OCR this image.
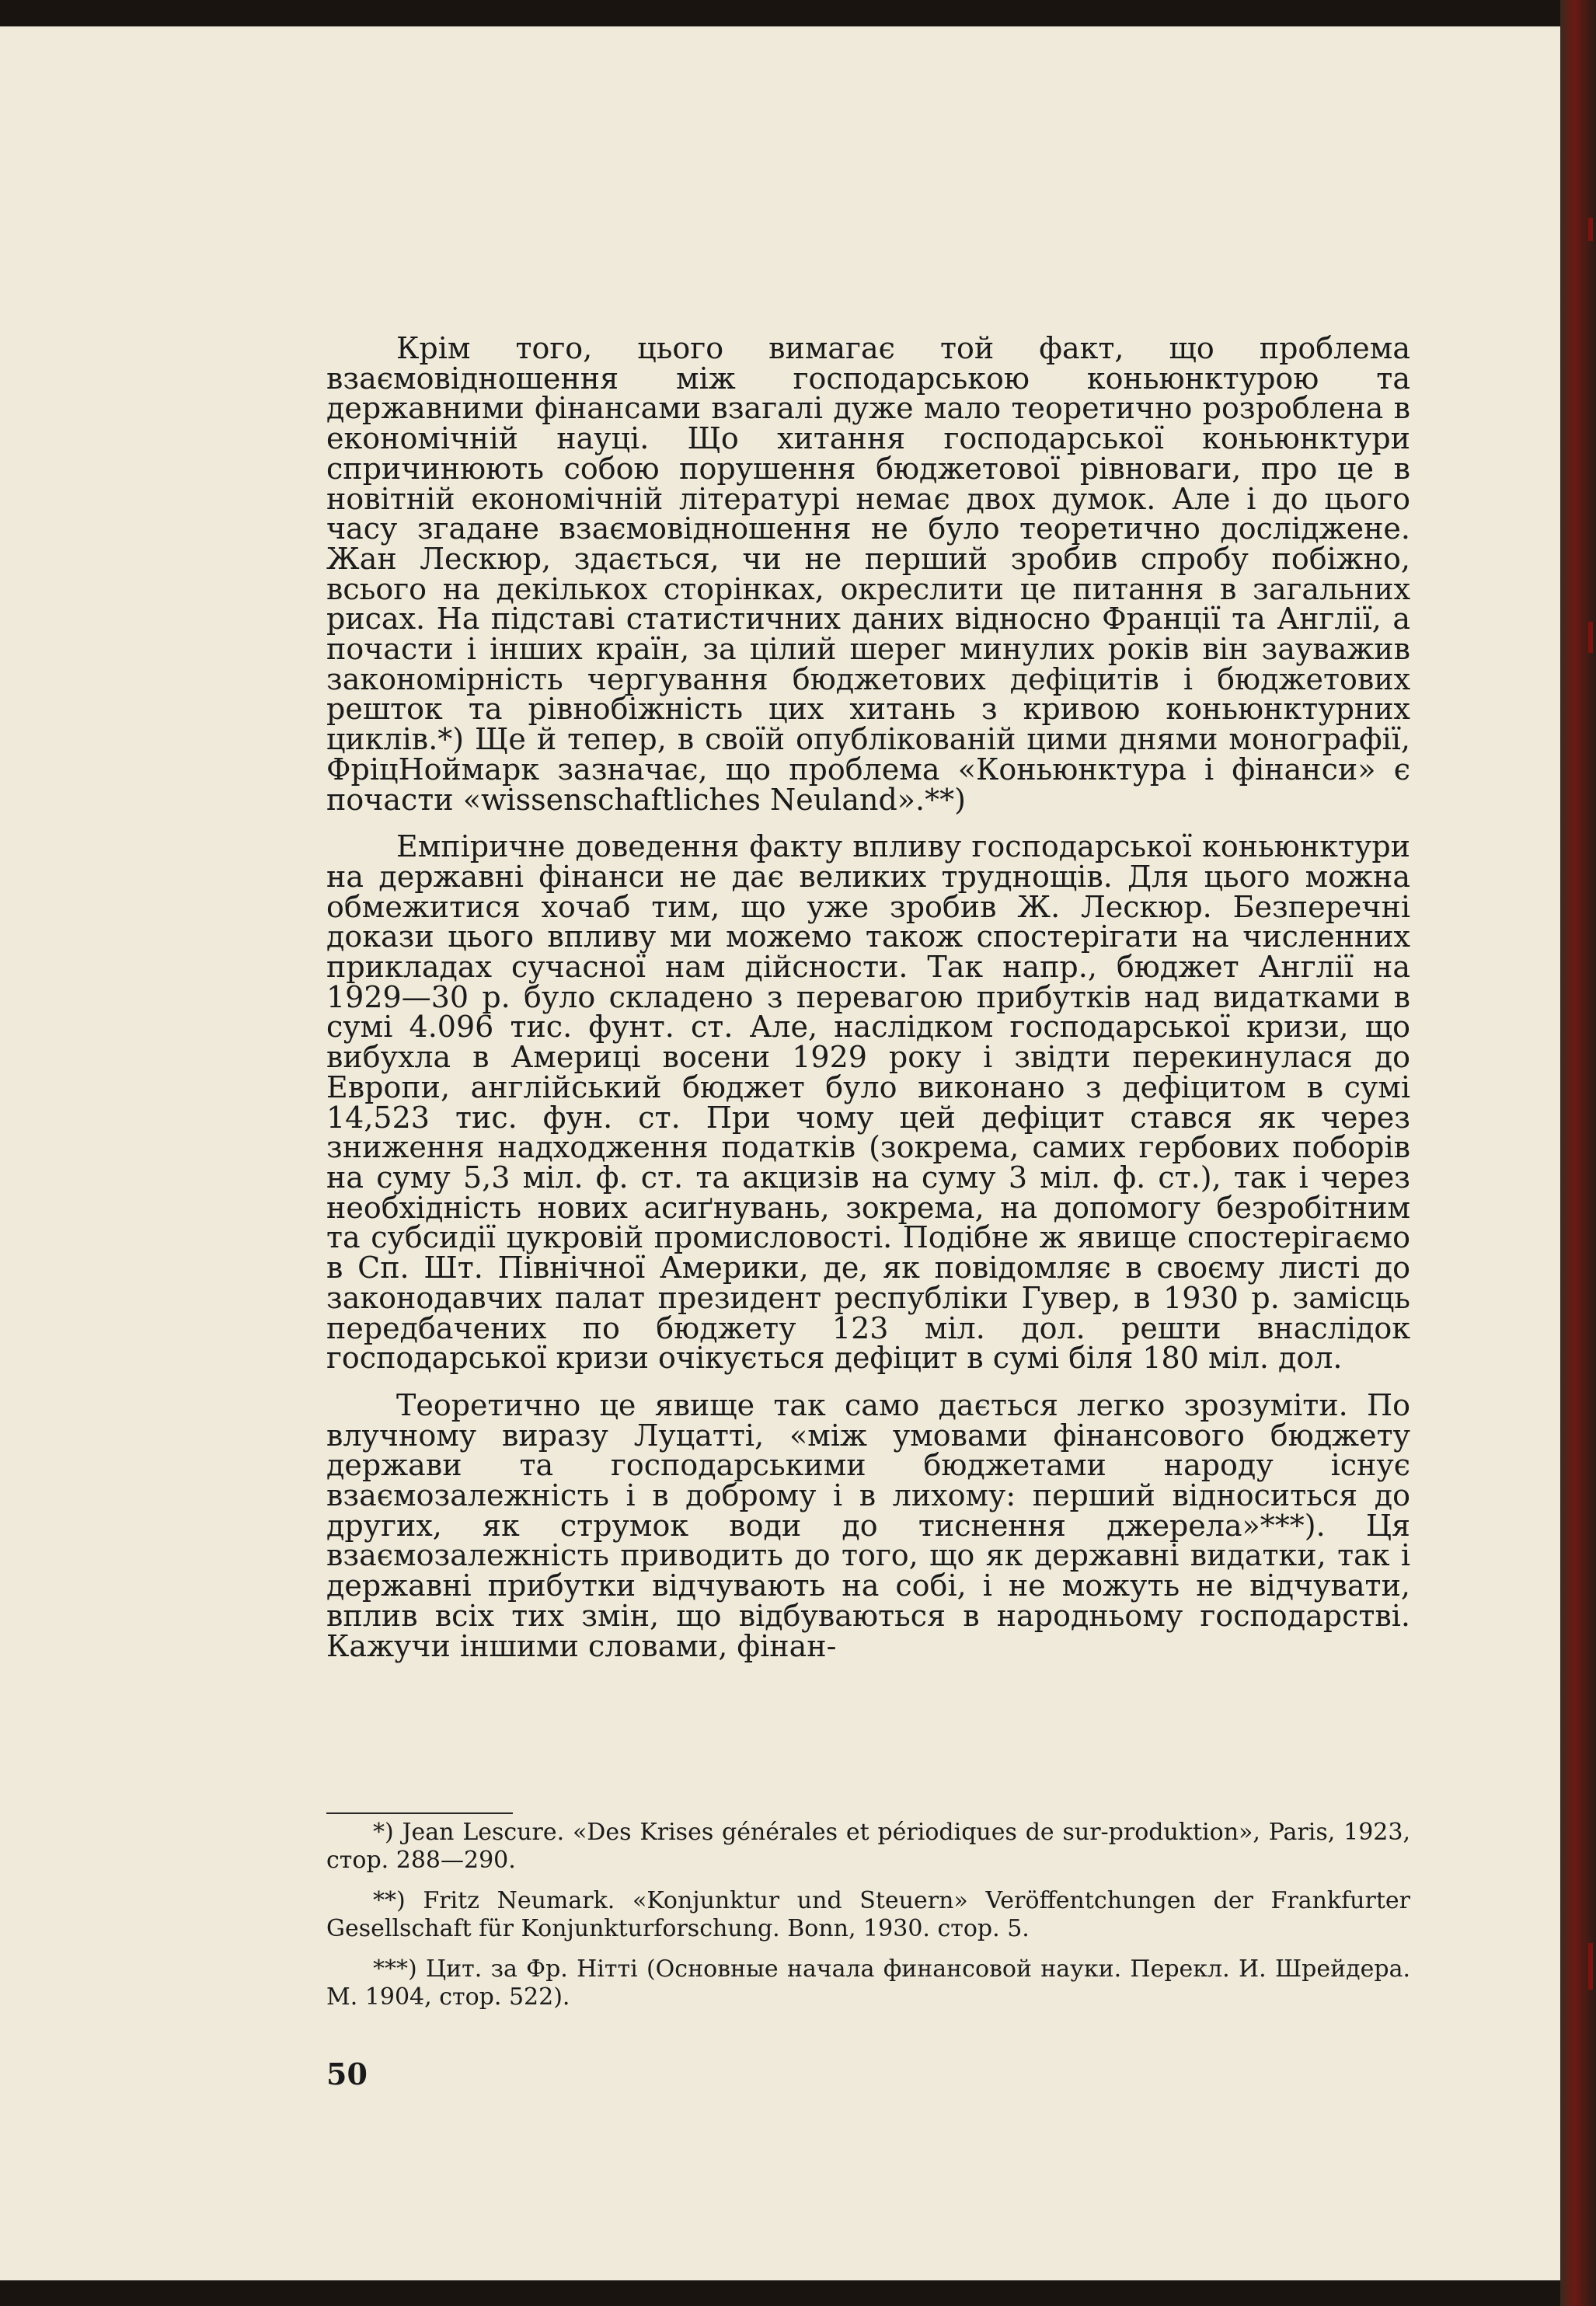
Крім того, цього вимагає той факт, що проблема взаємовідношення між господарською коньюнктурою та державними фінансами взагалі дуже мало теоретично розроблена в економічній науці. Що хитання господарської коньюнктури спричинюють собою порушення бюджетової рівноваги, про це в новітній економічній літературі немає двох думок. Але і до цього часу згадане взаємовідношення не було теоретично досліджене. Жан Лескюр, здається, чи не перший зробив спробу побіжно, всього на декількох сторінках, окреслити це питання в загальних рисах. На підставі статистичних даних відносно Франції та Англії, а почасти і інших країн, за цілий шерег минулих років він зауважив закономірність чергування бюджетових дефіцитів і бюджетових решток та рівнобіжність цих хитань з кривою коньюнктурних циклів.*) Ще й тепер, в своїй опублікованій цими днями монографії, ФріцНоймарк зазначає, що проблема «Коньюнктура і фінанси» є почасти «wissenschaftliches Neuland».**)

Емпіричне доведення факту впливу господарської коньюнктури на державні фінанси не дає великих труднощів. Для цього можна обмежитися хочаб тим, що уже зробив Ж. Лескюр. Безперечні докази цього впливу ми можемо також спостерігати на численних прикладах сучасної нам дійсности. Так напр., бюджет Англії на 1929—30 р. було складено з перевагою прибутків над видатками в сумі 4.096 тис. фунт. ст. Але, наслідком господарської кризи, що вибухла в Америці восени 1929 року і звідти перекинулася до Европи, англійський бюджет було виконано з дефіцитом в сумі 14,523 тис. фун. ст. При чому цей дефіцит стався як через зниження надходження податків (зокрема, самих гербових поборів на суму 5,3 міл. ф. ст. та акцизів на суму 3 міл. ф. ст.), так і через необхідність нових асиґнувань, зокрема, на допомогу безробітним та субсидії цукровій промисловості. Подібне ж явище спостерігаємо в Сп. Шт. Північної Америки, де, як повідомляє в своєму листі до законодавчих палат президент республіки Гувер, в 1930 р. замісць передбачених по бюджету 123 міл. дол. решти внаслідок господарської кризи очікується дефіцит в сумі біля 180 міл. дол.

Теоретично це явище так само дається легко зрозуміти. По влучному виразу Луцатті, «між умовами фінансового бюджету держави та господарськими бюджетами народу існує взаємозалежність і в доброму і в лихому: перший відноситься до других, як струмок води до тиснення джерела»***). Ця взаємозалежність приводить до того, що як державні видатки, так і державні прибутки відчувають на собі, і не можуть не відчувати, вплив всіх тих змін, що відбуваються в народньому господарстві. Кажучи іншими словами, фінан-

*) Jean Lescure. «Des Krises générales et périodiques de sur-produktion», Paris, 1923, стор. 288—290.

**) Fritz Neumark. «Konjunktur und Steuern» Veröffentchungen der Frankfurter Gesellschaft für Konjunkturforschung. Bonn, 1930. стор. 5.

***) Цит. за Фр. Нітті (Основные начала финансовой науки. Перекл. И. Шрейдера. М. 1904, стор. 522).

50
